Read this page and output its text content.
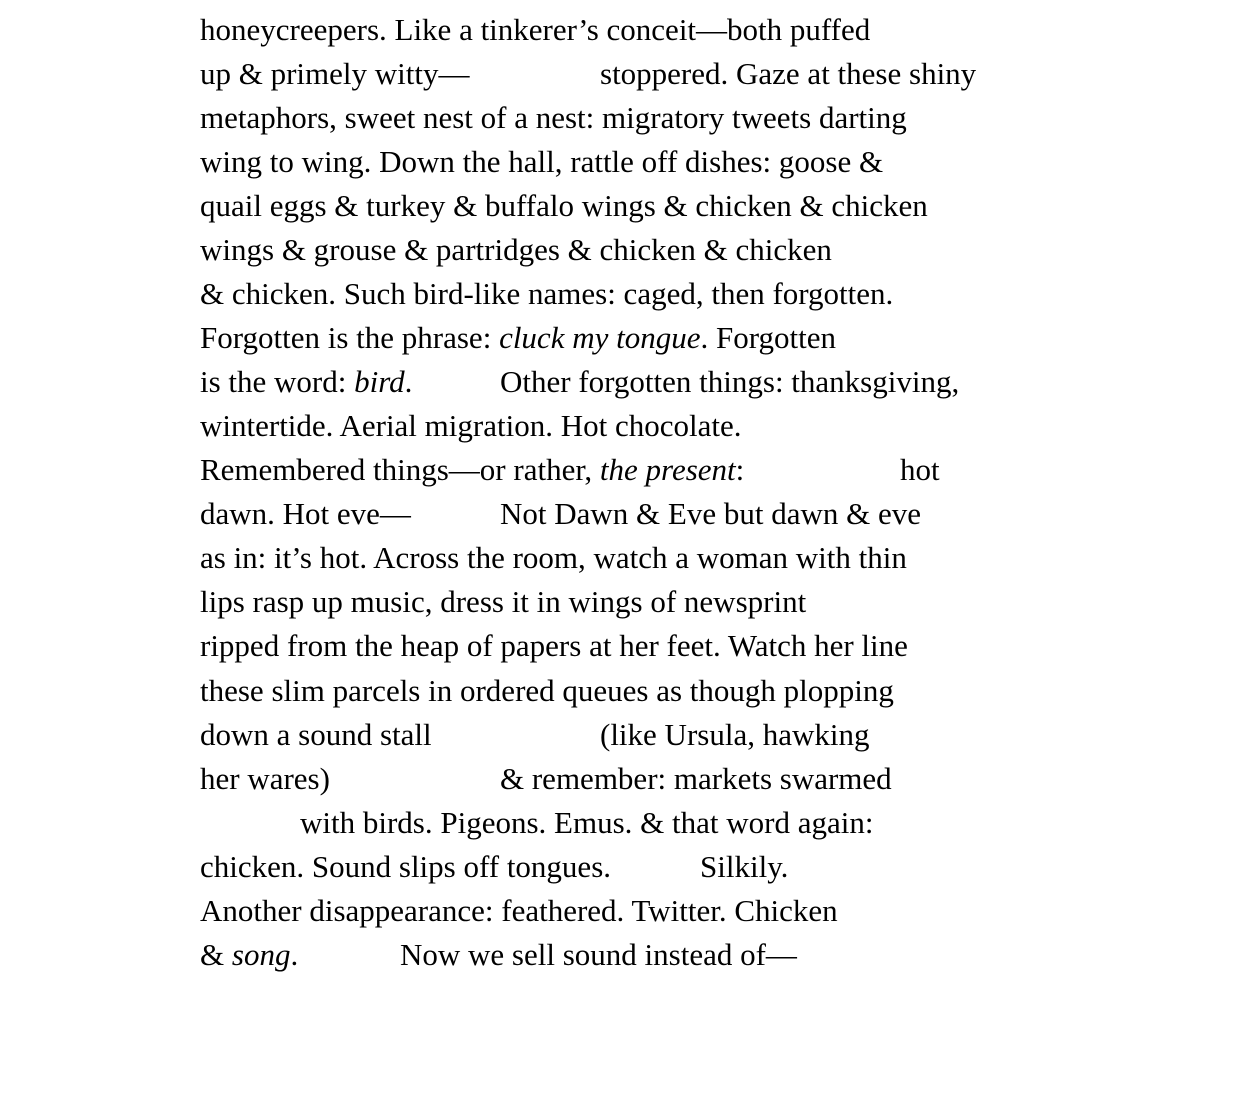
honeycreepers. Like a tinkerer’s conceit—both puffed

up & primely witty—

	stoppered. Gaze at these shiny

metaphors, sweet nest of a nest: migratory tweets darting

wing to wing. Down the hall, rattle off dishes: goose &

quail eggs & turkey & buffalo wings & chicken & chicken

wings & grouse & partridges & chicken & chicken

& chicken. Such bird-like names: caged, then forgotten.

Forgotten is the phrase: cluck my tongue. Forgotten

is the word: bird.

	Other forgotten things: thanksgiving,

wintertide. Aerial migration. Hot chocolate.

Remembered things—or rather, the present:

	hot

dawn. Hot eve—

	Not Dawn & Eve but dawn & eve

as in: it’s hot. Across the room, watch a woman with thin

lips rasp up music, dress it in wings of newsprint

ripped from the heap of papers at her feet. Watch her line

these slim parcels in ordered queues as though plopping

down a sound stall

	(like Ursula, hawking

her wares)

	& remember: markets swarmed

with birds. Pigeons. Emus. & that word again:

chicken. Sound slips off tongues.

	Silkily.

Another disappearance: feathered. Twitter. Chicken

& song.

	Now we sell sound instead of—
